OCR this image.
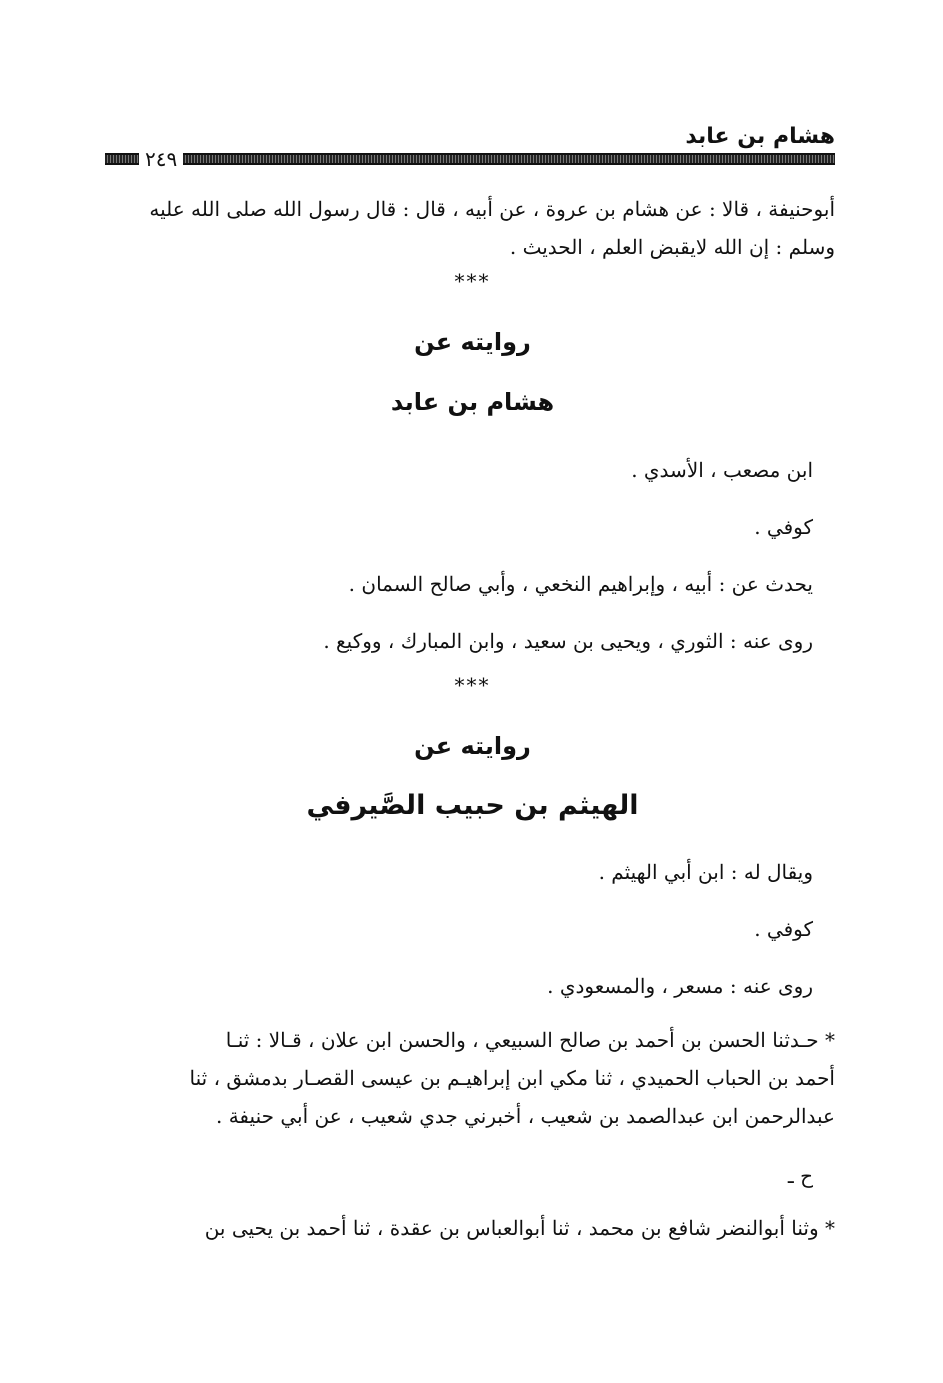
هشام بن عابد
٢٤٩

أبوحنيفة ، قالا : عن هشام بن عروة ، عن أبيه ، قال : قال رسول الله صلى الله عليه

وسلم : إن الله لايقبض العلم ، الحديث .

***
روايته عن
هشام بن عابد

ابن مصعب ، الأسدي .

كوفي .

يحدث عن : أبيه ، وإبراهيم النخعي ، وأبي صالح السمان .

روى عنه : الثوري ، ويحيى بن سعيد ، وابن المبارك ، ووكيع .

***
روايته عن
الهيثم بن حبيب الصَّيرفي

ويقال له : ابن أبي الهيثم .

كوفي .

روى عنه : مسعر ، والمسعودي .

* حـدثنا الحسن بن أحمد بن صالح السبيعي ، والحسن ابن علان ، قـالا : ثنـا

أحمد بن الحباب الحميدي ، ثنا مكي ابن إبراهيـم بن عيسى القصـار بدمشق ، ثنا

عبدالرحمن ابن عبدالصمد بن شعيب ، أخبرني جدي شعيب ، عن أبي حنيفة .

ح ـ

* وثنا أبوالنضر شافع بن محمد ، ثنا أبوالعباس بن عقدة ، ثنا أحمد بن يحيى بن
